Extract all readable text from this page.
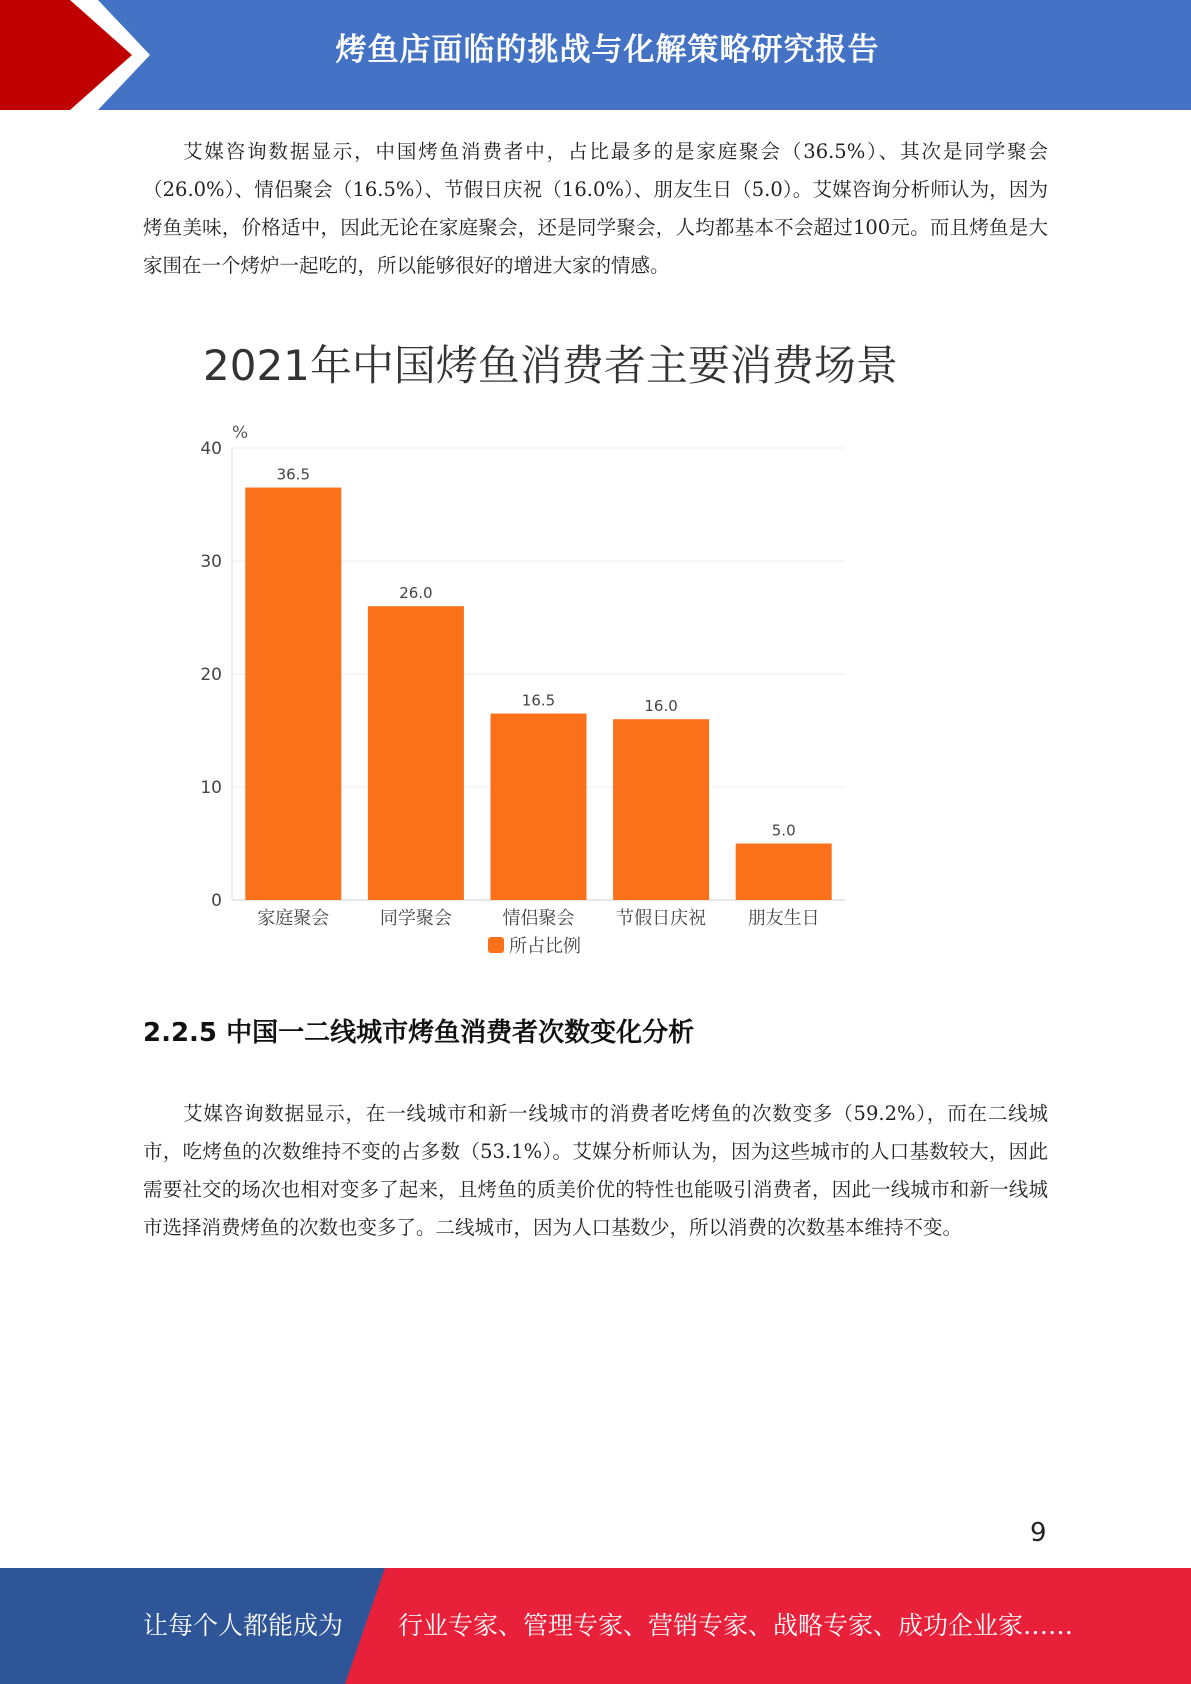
烤鱼店面临的挑战与化解策略研究报告

艾媒咨询数据显示，中国烤鱼消费者中，占比最多的是家庭聚会（36.5%）、其次是同学聚会（26.0%）、情侣聚会（16.5%）、节假日庆祝（16.0%）、朋友生日（5.0）。艾媒咨询分析师认为，因为烤鱼美味，价格适中，因此无论在家庭聚会，还是同学聚会，人均都基本不会超过100元。而且烤鱼是大家围在一个烤炉一起吃的，所以能够很好的增进大家的情感。

2021年中国烤鱼消费者主要消费场景
%
0
10
20
30
40
36.5
家庭聚会
26.0
同学聚会
16.5
情侣聚会
16.0
节假日庆祝
5.0
朋友生日
所占比例
2.2.5 中国一二线城市烤鱼消费者次数变化分析

艾媒咨询数据显示，在一线城市和新一线城市的消费者吃烤鱼的次数变多（59.2%），而在二线城市，吃烤鱼的次数维持不变的占多数（53.1%）。艾媒分析师认为，因为这些城市的人口基数较大，因此需要社交的场次也相对变多了起来，且烤鱼的质美价优的特性也能吸引消费者，因此一线城市和新一线城市选择消费烤鱼的次数也变多了。二线城市，因为人口基数少，所以消费的次数基本维持不变。

9
让每个人都能成为 行业专家、管理专家、营销专家、战略专家、成功企业家……
